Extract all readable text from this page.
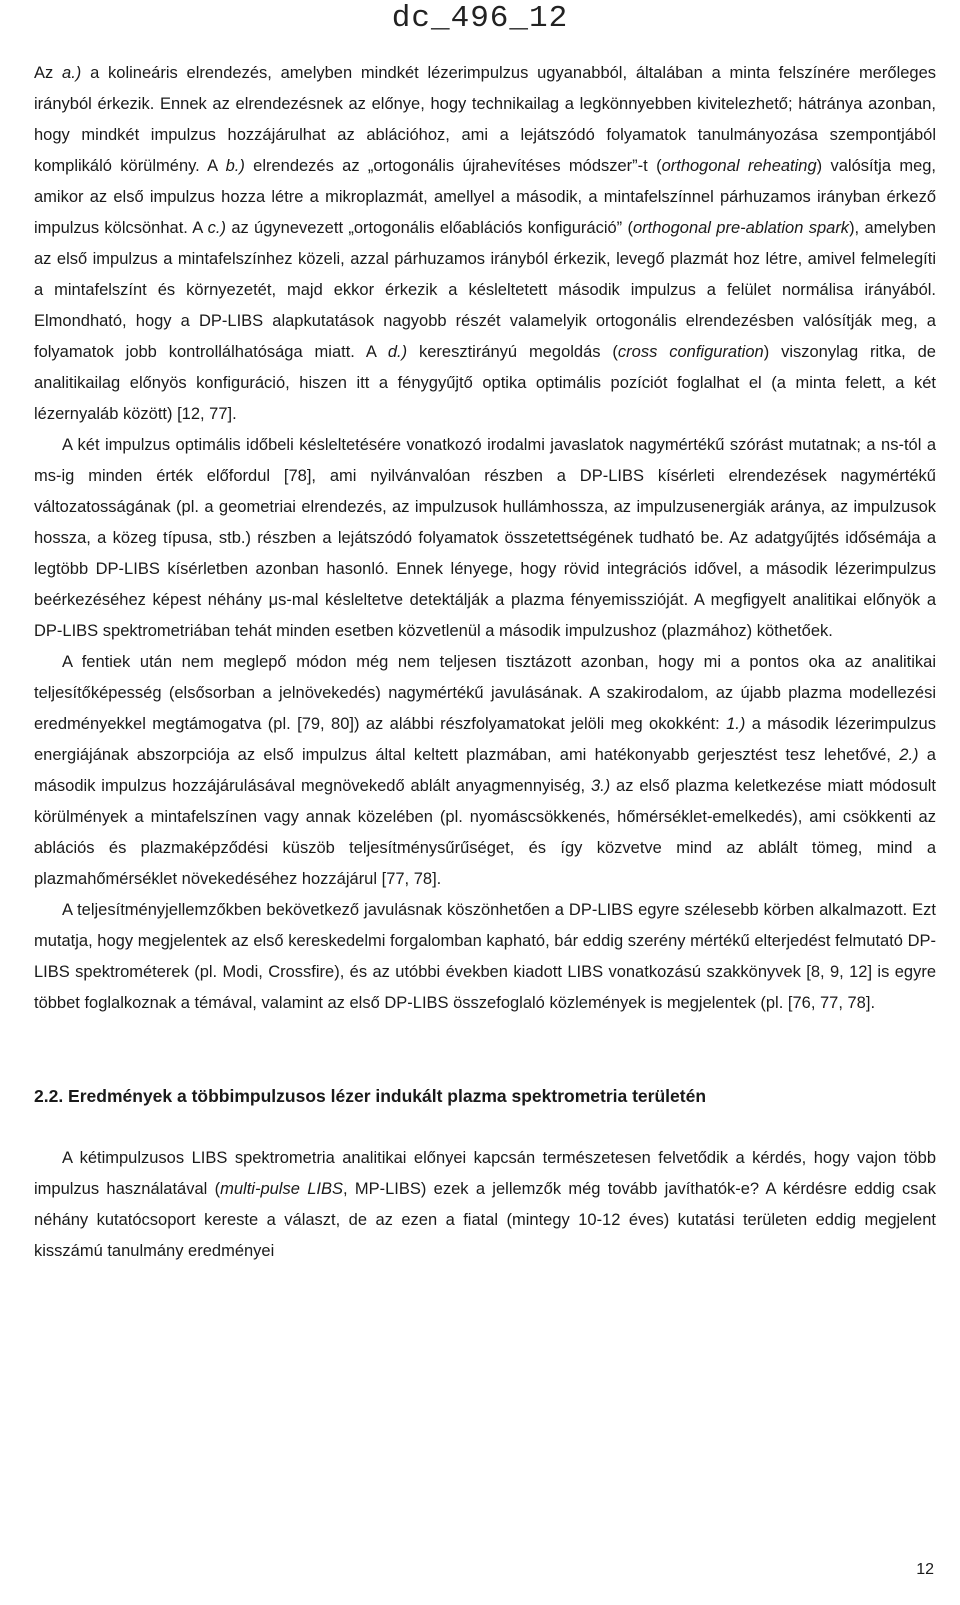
dc_496_12

Az a.) a kolineáris elrendezés, amelyben mindkét lézerimpulzus ugyanabból, általában a minta felszínére merőleges irányból érkezik. Ennek az elrendezésnek az előnye, hogy technikailag a legkönnyebben kivitelezhető; hátránya azonban, hogy mindkét impulzus hozzájárulhat az ablációhoz, ami a lejátszódó folyamatok tanulmányozása szempontjából komplikáló körülmény. A b.) elrendezés az „ortogonális újrahevítéses módszer”-t (orthogonal reheating) valósítja meg, amikor az első impulzus hozza létre a mikroplazmát, amellyel a második, a mintafelszínnel párhuzamos irányban érkező impulzus kölcsönhat. A c.) az úgynevezett „ortogonális előablációs konfiguráció” (orthogonal pre-ablation spark), amelyben az első impulzus a mintafelszínhez közeli, azzal párhuzamos irányból érkezik, levegő plazmát hoz létre, amivel felmelegíti a mintafelszínt és környezetét, majd ekkor érkezik a késleltetett második impulzus a felület normálisa irányából. Elmondható, hogy a DP-LIBS alapkutatások nagyobb részét valamelyik ortogonális elrendezésben valósítják meg, a folyamatok jobb kontrollálhatósága miatt. A d.) keresztirányú megoldás (cross configuration) viszonylag ritka, de analitikailag előnyös konfiguráció, hiszen itt a fénygyűjtő optika optimális pozíciót foglalhat el (a minta felett, a két lézernyaláb között) [12, 77].

A két impulzus optimális időbeli késleltetésére vonatkozó irodalmi javaslatok nagymértékű szórást mutatnak; a ns-tól a ms-ig minden érték előfordul [78], ami nyilvánvalóan részben a DP-LIBS kísérleti elrendezések nagymértékű változatosságának (pl. a geometriai elrendezés, az impulzusok hullámhossza, az impulzusenergiák aránya, az impulzusok hossza, a közeg típusa, stb.) részben a lejátszódó folyamatok összetettségének tudható be. Az adatgyűjtés idősémája a legtöbb DP-LIBS kísérletben azonban hasonló. Ennek lényege, hogy rövid integrációs idővel, a második lézerimpulzus beérkezéséhez képest néhány μs-mal késleltetve detektálják a plazma fényemisszióját. A megfigyelt analitikai előnyök a DP-LIBS spektrometriában tehát minden esetben közvetlenül a második impulzushoz (plazmához) köthetőek.

A fentiek után nem meglepő módon még nem teljesen tisztázott azonban, hogy mi a pontos oka az analitikai teljesítőképesség (elsősorban a jelnövekedés) nagymértékű javulásának. A szakirodalom, az újabb plazma modellezési eredményekkel megtámogatva (pl. [79, 80]) az alábbi részfolyamatokat jelöli meg okokként: 1.) a második lézerimpulzus energiájának abszorpciója az első impulzus által keltett plazmában, ami hatékonyabb gerjesztést tesz lehetővé, 2.) a második impulzus hozzájárulásával megnövekedő ablált anyagmennyiség, 3.) az első plazma keletkezése miatt módosult körülmények a mintafelszínen vagy annak közelében (pl. nyomáscsökkenés, hőmérséklet-emelkedés), ami csökkenti az ablációs és plazmaképződési küszöb teljesítménysűrűséget, és így közvetve mind az ablált tömeg, mind a plazmahőmérséklet növekedéséhez hozzájárul [77, 78].

A teljesítményjellemzőkben bekövetkező javulásnak köszönhetően a DP-LIBS egyre szélesebb körben alkalmazott. Ezt mutatja, hogy megjelentek az első kereskedelmi forgalomban kapható, bár eddig szerény mértékű elterjedést felmutató DP-LIBS spektrométerek (pl. Modi, Crossfire), és az utóbbi években kiadott LIBS vonatkozású szakkönyvek [8, 9, 12] is egyre többet foglalkoznak a témával, valamint az első DP-LIBS összefoglaló közlemények is megjelentek (pl. [76, 77, 78].

2.2. Eredmények a többimpulzusos lézer indukált plazma spektrometria területén

A kétimpulzusos LIBS spektrometria analitikai előnyei kapcsán természetesen felvetődik a kérdés, hogy vajon több impulzus használatával (multi-pulse LIBS, MP-LIBS) ezek a jellemzők még tovább javíthatók-e? A kérdésre eddig csak néhány kutatócsoport kereste a választ, de az ezen a fiatal (mintegy 10-12 éves) kutatási területen eddig megjelent kisszámú tanulmány eredményei

12
